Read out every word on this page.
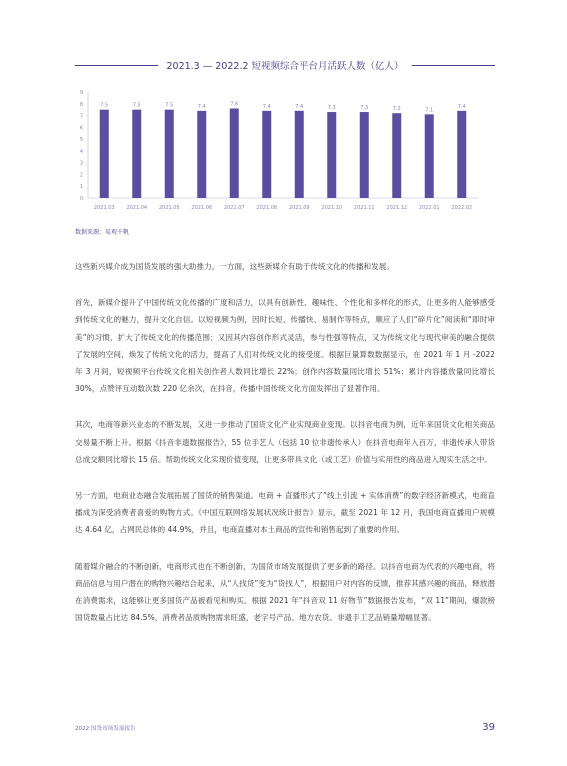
2021.3 — 2022.2 短视频综合平台月活跃人数（亿人）
0
1
2
3
4
5
6
7
8
9
7.5
2021.03
7.5
2021.04
7.5
2021.05
7.4
2021.06
7.6
2021.07
7.4
2021.08
7.4
2021.09
7.3
2021.10
7.3
2021.11
7.2
2021.12
7.1
2022.01
7.4
2022.02
数据来源：易观千帆

这些新兴媒介成为国货发展的强大助推力。一方面，这些新媒介有助于传统文化的传播和发展。

首先，新媒介提升了中国传统文化传播的广度和活力，以具有创新性、趣味性、个性化和多样化的形式，让更多的人能够感受到传统文化的魅力，提升文化自信。以短视频为例，因时长短、传播快、易制作等特点，顺应了人们“碎片化”阅读和“即时审美”的习惯，扩大了传统文化的传播范围；又因其内容创作形式灵活，参与性强等特点，又为传统文化与现代审美的融合提供了发展的空间，焕发了传统文化的活力，提高了人们对传统文化的接受度。根据巨量算数数据显示，在 2021 年 1 月 -2022 年 3 月间，短视频平台传统文化相关创作者人数同比增长 22%；创作内容数量同比增长 51%；累计内容播放量同比增长 30%，点赞评互动数次数 220 亿余次，在抖音，传播中国传统文化方面发挥出了显著作用。

其次，电商等新兴业态的不断发展，又进一步推动了国货文化产业实现商业变现。以抖音电商为例，近年来国货文化相关商品交易量不断上升。根据《抖音非遗数据报告》，55 位手艺人（包括 10 位非遗传承人）在抖音电商年入百万，非遗传承人带货总成交额同比增长 15 倍。帮助传统文化实现价值变现，让更多带具文化（或工艺）价值与实用性的商品进入现实生活之中。

另一方面，电商业态融合发展拓展了国货的销售渠道。电商 + 直播形式了“线上引流 + 实体消费”的数字经济新模式，电商直播成为深受消费者喜爱的购物方式。《中国互联网络发展状况统计报告》显示，截至 2021 年 12 月，我国电商直播用户规模达 4.64 亿，占网民总体的 44.9%，并且，电商直播对本土商品的宣传和销售起到了重要的作用。

随着媒介融合的不断创新，电商形式也在不断创新，为国货市场发展提供了更多新的路径。以抖音电商为代表的兴趣电商，将商品信息与用户潜在的购物兴趣结合起来，从“人找货”变为“货找人”，根据用户对内容的反馈，推荐其感兴趣的商品，释放潜在消费需求，这能够让更多国货产品被看见和购买。根据 2021 年“抖音双 11 好物节”数据报告发布，“双 11”期间，爆款榜国货数量占比达 84.5%，消费者品质购物需求旺盛，老字号产品、地方农货、非遗手工艺品销量增幅显著。

2022 国货市场发展报告	39
